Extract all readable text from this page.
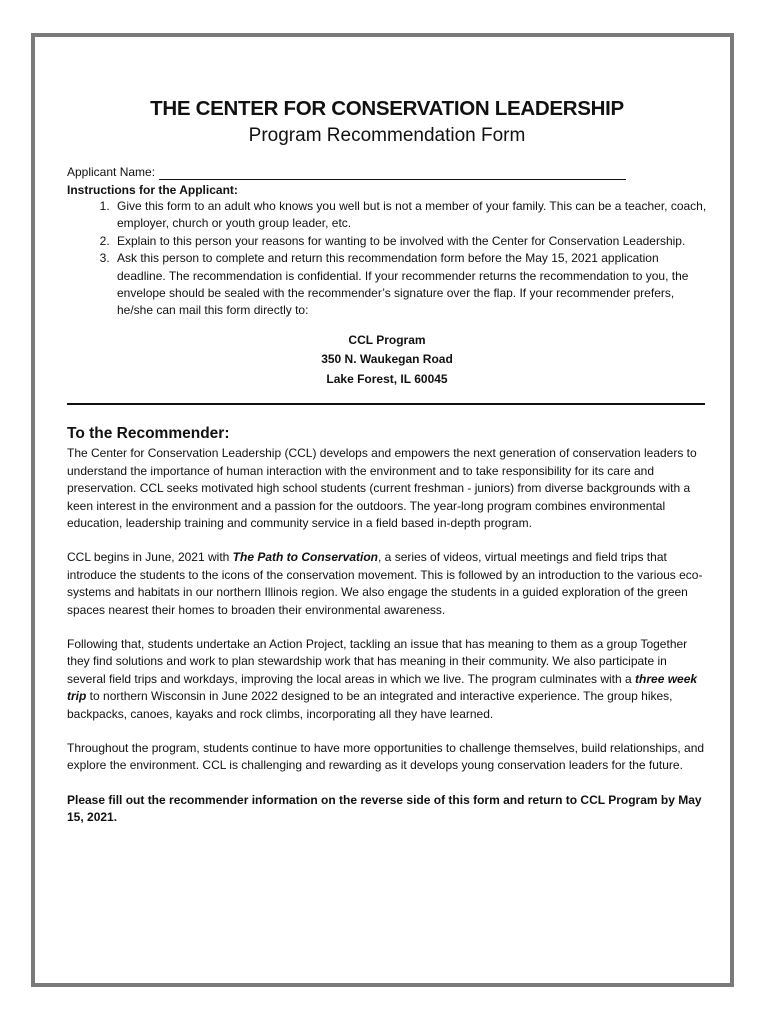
THE CENTER FOR CONSERVATION LEADERSHIP
Program Recommendation Form
Applicant Name:
Instructions for the Applicant:
1. Give this form to an adult who knows you well but is not a member of your family. This can be a teacher, coach, employer, church or youth group leader, etc.
2. Explain to this person your reasons for wanting to be involved with the Center for Conservation Leadership.
3. Ask this person to complete and return this recommendation form before the May 15, 2021 application deadline. The recommendation is confidential. If your recommender returns the recommendation to you, the envelope should be sealed with the recommender’s signature over the flap. If your recommender prefers, he/she can mail this form directly to:
CCL Program
350 N. Waukegan Road
Lake Forest, IL 60045
To the Recommender:

The Center for Conservation Leadership (CCL) develops and empowers the next generation of conservation leaders to understand the importance of human interaction with the environment and to take responsibility for its care and preservation. CCL seeks motivated high school students (current freshman - juniors) from diverse backgrounds with a keen interest in the environment and a passion for the outdoors. The year-long program combines environmental education, leadership training and community service in a field based in-depth program.

CCL begins in June, 2021 with The Path to Conservation, a series of videos, virtual meetings and field trips that introduce the students to the icons of the conservation movement. This is followed by an introduction to the various eco-systems and habitats in our northern Illinois region. We also engage the students in a guided exploration of the green spaces nearest their homes to broaden their environmental awareness.

Following that, students undertake an Action Project, tackling an issue that has meaning to them as a group Together they find solutions and work to plan stewardship work that has meaning in their community. We also participate in several field trips and workdays, improving the local areas in which we live. The program culminates with a three week trip to northern Wisconsin in June 2022 designed to be an integrated and interactive experience. The group hikes, backpacks, canoes, kayaks and rock climbs, incorporating all they have learned.

Throughout the program, students continue to have more opportunities to challenge themselves, build relationships, and explore the environment. CCL is challenging and rewarding as it develops young conservation leaders for the future.

Please fill out the recommender information on the reverse side of this form and return to CCL Program by May 15, 2021.
